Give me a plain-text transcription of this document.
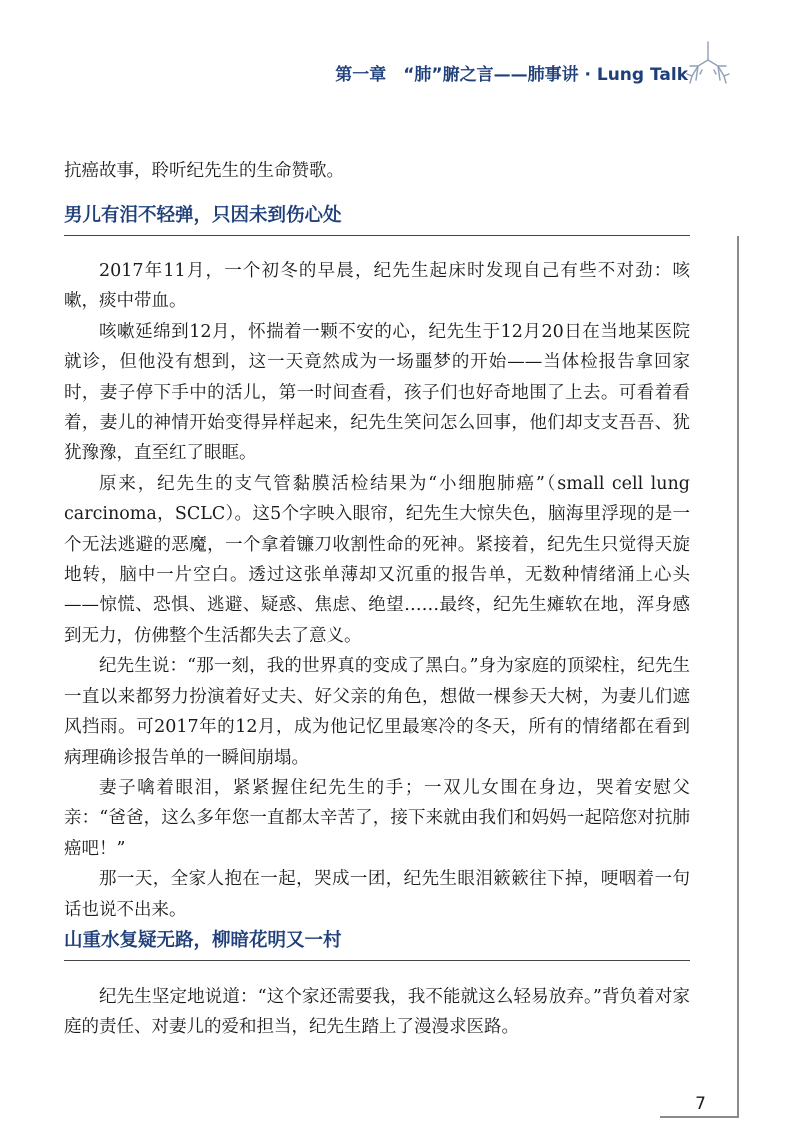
第一章　“肺”腑之言——肺事讲 · Lung Talk

抗癌故事，聆听纪先生的生命赞歌。

男儿有泪不轻弹，只因未到伤心处

2017年11月，一个初冬的早晨，纪先生起床时发现自己有些不对劲：咳嗽，痰中带血。

咳嗽延绵到12月，怀揣着一颗不安的心，纪先生于12月20日在当地某医院就诊，但他没有想到，这一天竟然成为一场噩梦的开始——当体检报告拿回家时，妻子停下手中的活儿，第一时间查看，孩子们也好奇地围了上去。可看着看着，妻儿的神情开始变得异样起来，纪先生笑问怎么回事，他们却支支吾吾、犹犹豫豫，直至红了眼眶。

原来，纪先生的支气管黏膜活检结果为“小细胞肺癌”（small cell lung carcinoma，SCLC）。这5个字映入眼帘，纪先生大惊失色，脑海里浮现的是一个无法逃避的恶魔，一个拿着镰刀收割性命的死神。紧接着，纪先生只觉得天旋地转，脑中一片空白。透过这张单薄却又沉重的报告单，无数种情绪涌上心头——惊慌、恐惧、逃避、疑惑、焦虑、绝望……最终，纪先生瘫软在地，浑身感到无力，仿佛整个生活都失去了意义。

纪先生说：“那一刻，我的世界真的变成了黑白。”身为家庭的顶梁柱，纪先生一直以来都努力扮演着好丈夫、好父亲的角色，想做一棵参天大树，为妻儿们遮风挡雨。可2017年的12月，成为他记忆里最寒冷的冬天，所有的情绪都在看到病理确诊报告单的一瞬间崩塌。

妻子噙着眼泪，紧紧握住纪先生的手；一双儿女围在身边，哭着安慰父亲：“爸爸，这么多年您一直都太辛苦了，接下来就由我们和妈妈一起陪您对抗肺癌吧！”

那一天，全家人抱在一起，哭成一团，纪先生眼泪簌簌往下掉，哽咽着一句话也说不出来。

山重水复疑无路，柳暗花明又一村

纪先生坚定地说道：“这个家还需要我，我不能就这么轻易放弃。”背负着对家庭的责任、对妻儿的爱和担当，纪先生踏上了漫漫求医路。

7
